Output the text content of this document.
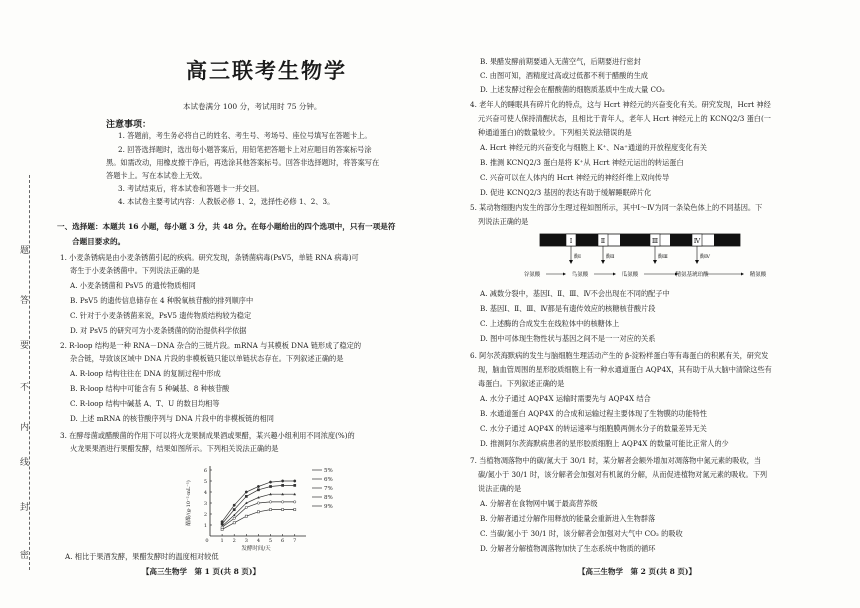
题
答
要
不
内
线
封
密
高三联考生物学
本试卷满分 100 分，考试用时 75 分钟。
注意事项：
1. 答题前，考生务必将自己的姓名、考生号、考场号、座位号填写在答题卡上。
2. 回答选择题时，选出每小题答案后，用铅笔把答题卡上对应题目的答案标号涂
黑。如需改动，用橡皮擦干净后，再选涂其他答案标号。回答非选择题时，将答案写在
答题卡上。写在本试卷上无效。
3. 考试结束后，将本试卷和答题卡一并交回。
4. 本试卷主要考试内容：人教版必修 1、2，选择性必修 1、2、3。
一、选择题：本题共 16 小题，每小题 3 分，共 48 分。在每小题给出的四个选项中，只有一项是符
合题目要求的。
1. 小麦条锈病是由小麦条锈菌引起的疾病。研究发现，条锈菌病毒(PsV5，单链 RNA 病毒)可
寄生于小麦条锈菌中。下列说法正确的是
A. 小麦条锈菌和 PsV5 的遗传物质相同
B. PsV5 的遗传信息储存在 4 种脱氧核苷酸的排列顺序中
C. 针对于小麦条锈菌来说，PsV5 遗传物质结构较为稳定
D. 对 PsV5 的研究可为小麦条锈菌的防治提供科学依据
2. R-loop 结构是一种 RNA－DNA 杂合的三链片段。mRNA 与其模板 DNA 链形成了稳定的
杂合链，导致该区域中 DNA 片段的非模板链只能以单链状态存在。下列叙述正确的是
A. R-loop 结构往往在 DNA 的复制过程中形成
B. R-loop 结构中可能含有 5 种碱基、8 种核苷酸
C. R-loop 结构中碱基 A、T、U 的数目均相等
D. 上述 mRNA 的核苷酸序列与 DNA 片段中的非模板链的相同
3. 在酵母菌或醋酸菌的作用下可以将火龙果制成果酒或果醋，某兴趣小组利用不同浓度(%)的
火龙果果酒进行果醋发酵，结果如图所示。下列相关说法正确的是
1
2
3
4
5
6
1 2 3 4 5 6 7
0
发酵时间/天
醋酸/(g·10⁻²·mL⁻¹)
5%
6%
7%
8%
9%
A. 相比于果酒发酵，果醋发酵时的温度相对较低
【高三生物学　第 1 页(共 8 页)】
B. 果醋发酵前期要通入无菌空气，后期要进行密封
C. 由图可知，酒精度过高或过低都不利于醋酸的生成
D. 上述发酵过程会在醋酸菌的细胞质基质中生成大量 CO₂
4. 老年人的睡眠具有碎片化的特点，这与 Hcrt 神经元的兴奋变化有关。研究发现，Hcrt 神经
元兴奋可使人保持清醒状态，且相比于青年人，老年人 Hcrt 神经元上的 KCNQ2/3 蛋白(一
种通道蛋白)的数量较少。下列相关说法错误的是
A. Hcrt 神经元的兴奋变化与细胞上 K⁺、Na⁺通道的开放程度变化有关
B. 推测 KCNQ2/3 蛋白是将 K⁺从 Hcrt 神经元运出的转运蛋白
C. 兴奋可以在人体内的 Hcrt 神经元的神经纤维上双向传导
D. 促进 KCNQ2/3 基因的表达有助于缓解睡眠碎片化
5. 某动物细胞内发生的部分生理过程如图所示，其中Ⅰ～Ⅳ为同一条染色体上的不同基因。下
列说法正确的是
Ⅰ
酶Ⅰ
Ⅱ
酶Ⅱ
Ⅲ
酶Ⅲ
Ⅳ
酶Ⅳ
谷氨酸	鸟氨酸	瓜氨酸	精氨基琥珀酸	精氨酸
A. 减数分裂中，基因Ⅰ、Ⅱ、Ⅲ、Ⅳ不会出现在不同的配子中
B. 基因Ⅰ、Ⅱ、Ⅲ、Ⅳ都是有遗传效应的核糖核苷酸片段
C. 上述酶的合成发生在线粒体中的核糖体上
D. 图中可体现生物性状与基因之间不是一一对应的关系
6. 阿尔茨海默病的发生与脑细胞生理活动产生的 β-淀粉样蛋白等有毒蛋白的积累有关，研究发
现，脑血管周围的星形胶质细胞上有一种水通道蛋白 AQP4X，其有助于从大脑中清除这些有
毒蛋白。下列叙述正确的是
A. 水分子通过 AQP4X 运输时需要先与 AQP4X 结合
B. 水通道蛋白 AQP4X 的合成和运输过程主要体现了生物膜的功能特性
C. 水分子通过 AQP4X 的转运速率与细胞膜两侧水分子的数量差异无关
D. 推测阿尔茨海默病患者的星形胶质细胞上 AQP4X 的数量可能比正常人的少
7. 当植物凋落物中的碳/氮大于 30/1 时，某分解者会额外增加对凋落物中氮元素的吸收，当
碳/氮小于 30/1 时，该分解者会加强对有机氮的分解，从而促进植物对氮元素的吸收。下列
说法正确的是
A. 分解者在食物网中属于最高营养级
B. 分解者通过分解作用释放的能量会重新进入生物群落
C. 当碳/氮小于 30/1 时，该分解者会加强对大气中 CO₂ 的吸收
D. 分解者分解植物凋落物加快了生态系统中物质的循环
【高三生物学　第 2 页(共 8 页)】
